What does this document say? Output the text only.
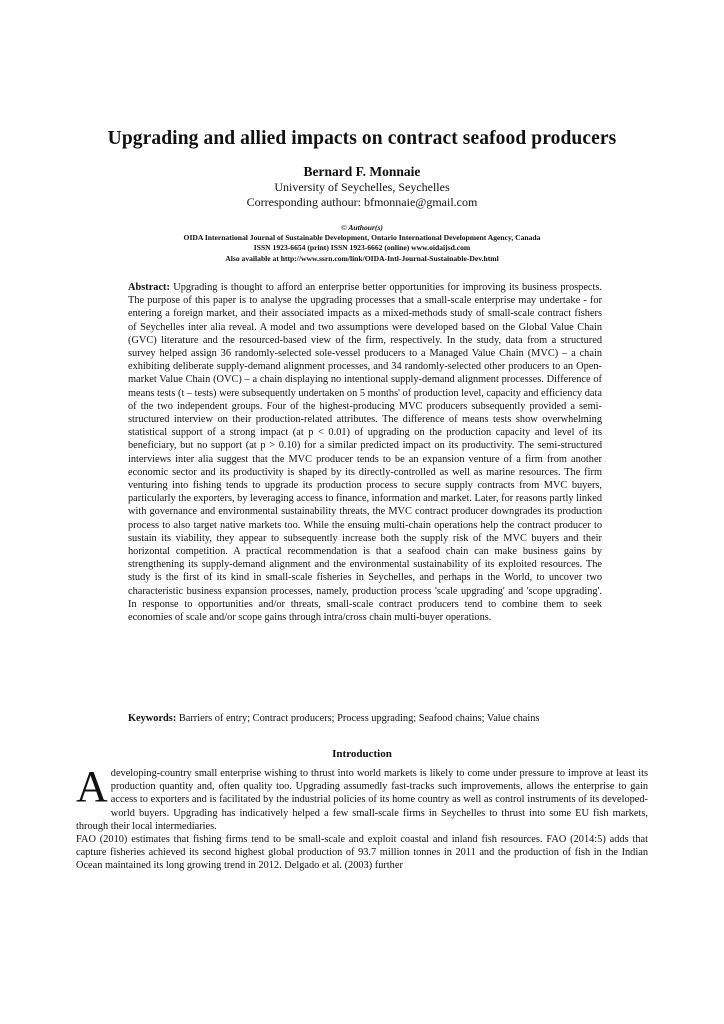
Upgrading and allied impacts on contract seafood producers
Bernard F. Monnaie
University of Seychelles, Seychelles
Corresponding authour: bfmonnaie@gmail.com
© Authour(s)
OIDA International Journal of Sustainable Development, Ontario International Development Agency, Canada
ISSN 1923-6654 (print) ISSN 1923-6662 (online) www.oidaijsd.com
Also available at http://www.ssrn.com/link/OIDA-Intl-Journal-Sustainable-Dev.html
Abstract: Upgrading is thought to afford an enterprise better opportunities for improving its business prospects. The purpose of this paper is to analyse the upgrading processes that a small-scale enterprise may undertake - for entering a foreign market, and their associated impacts as a mixed-methods study of small-scale contract fishers of Seychelles inter alia reveal. A model and two assumptions were developed based on the Global Value Chain (GVC) literature and the resourced-based view of the firm, respectively. In the study, data from a structured survey helped assign 36 randomly-selected sole-vessel producers to a Managed Value Chain (MVC) – a chain exhibiting deliberate supply-demand alignment processes, and 34 randomly-selected other producers to an Open-market Value Chain (OVC) – a chain displaying no intentional supply-demand alignment processes. Difference of means tests (t – tests) were subsequently undertaken on 5 months' of production level, capacity and efficiency data of the two independent groups. Four of the highest-producing MVC producers subsequently provided a semi-structured interview on their production-related attributes. The difference of means tests show overwhelming statistical support of a strong impact (at p < 0.01) of upgrading on the production capacity and level of its beneficiary, but no support (at p > 0.10) for a similar predicted impact on its productivity. The semi-structured interviews inter alia suggest that the MVC producer tends to be an expansion venture of a firm from another economic sector and its productivity is shaped by its directly-controlled as well as marine resources. The firm venturing into fishing tends to upgrade its production process to secure supply contracts from MVC buyers, particularly the exporters, by leveraging access to finance, information and market. Later, for reasons partly linked with governance and environmental sustainability threats, the MVC contract producer downgrades its production process to also target native markets too. While the ensuing multi-chain operations help the contract producer to sustain its viability, they appear to subsequently increase both the supply risk of the MVC buyers and their horizontal competition. A practical recommendation is that a seafood chain can make business gains by strengthening its supply-demand alignment and the environmental sustainability of its exploited resources. The study is the first of its kind in small-scale fisheries in Seychelles, and perhaps in the World, to uncover two characteristic business expansion processes, namely, production process 'scale upgrading' and 'scope upgrading'. In response to opportunities and/or threats, small-scale contract producers tend to combine them to seek economies of scale and/or scope gains through intra/cross chain multi-buyer operations.
Keywords: Barriers of entry; Contract producers; Process upgrading; Seafood chains; Value chains
Introduction

Adeveloping-country small enterprise wishing to thrust into world markets is likely to come under pressure to improve at least its production quantity and, often quality too. Upgrading assumedly fast-tracks such improvements, allows the enterprise to gain access to exporters and is facilitated by the industrial policies of its home country as well as control instruments of its developed-world buyers. Upgrading has indicatively helped a few small-scale firms in Seychelles to thrust into some EU fish markets, through their local intermediaries.

FAO (2010) estimates that fishing firms tend to be small-scale and exploit coastal and inland fish resources. FAO (2014:5) adds that capture fisheries achieved its second highest global production of 93.7 million tonnes in 2011 and the production of fish in the Indian Ocean maintained its long growing trend in 2012. Delgado et al. (2003) further
